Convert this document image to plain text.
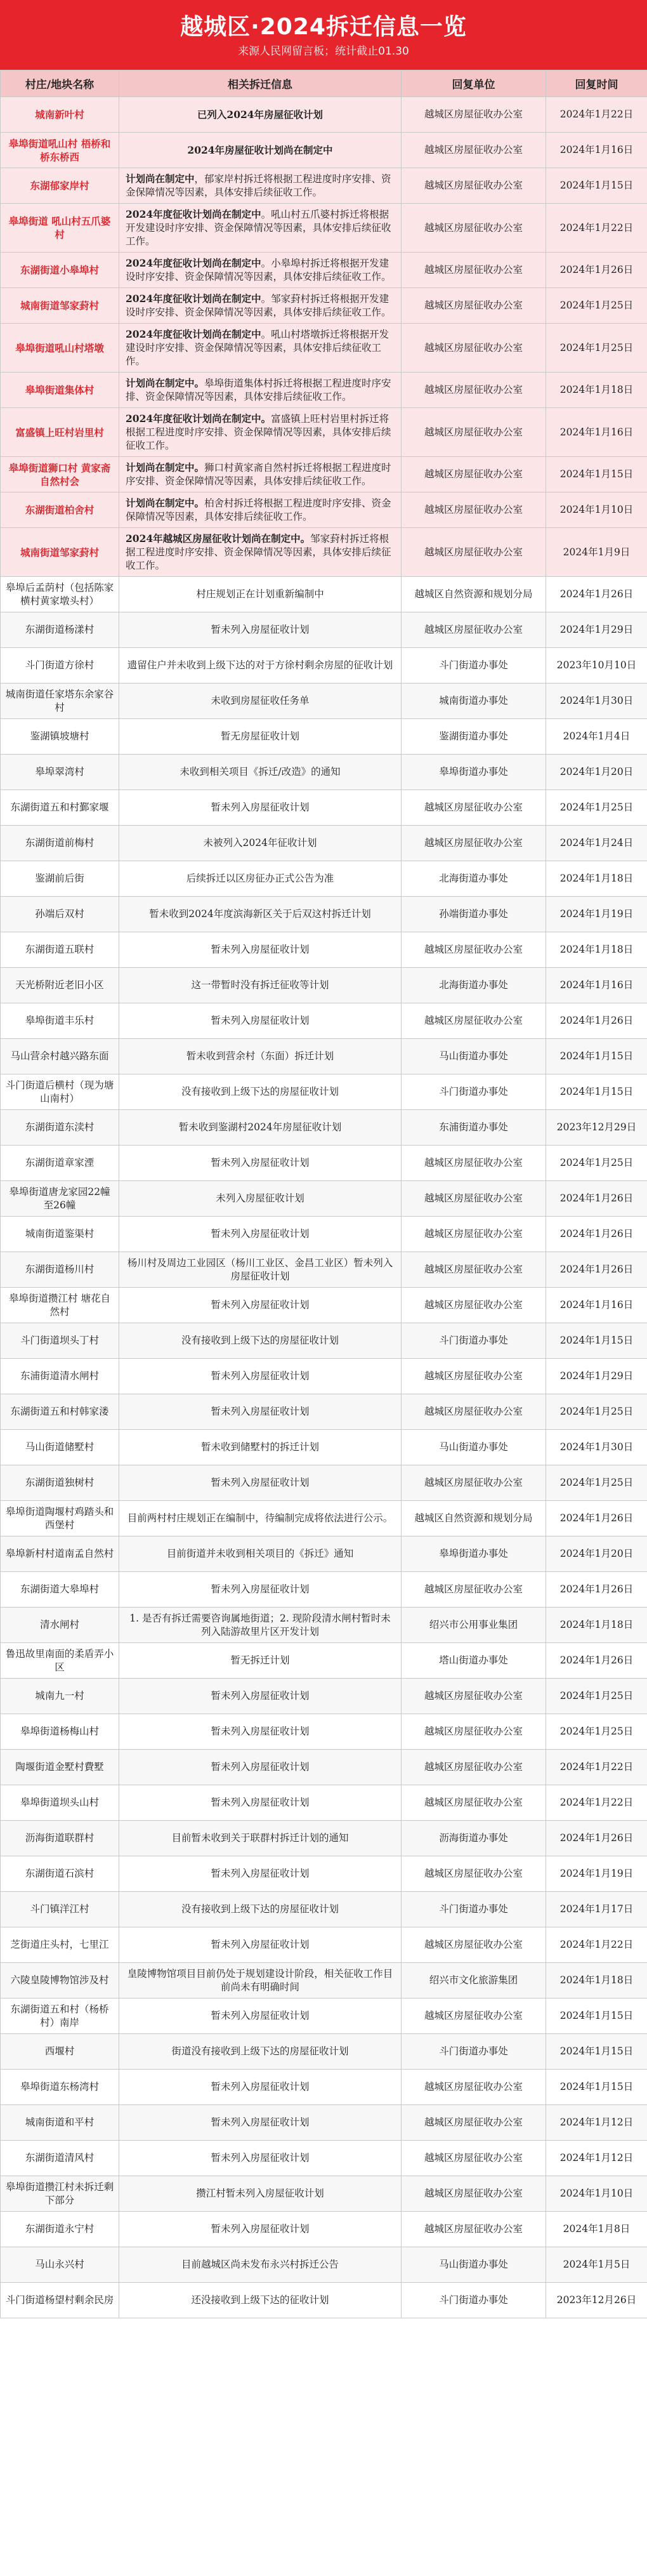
越城区·2024拆迁信息一览
来源人民网留言板；统计截止01.30
村庄/地块名称	相关拆迁信息	回复单位	回复时间
城南新叶村	已列入2024年房屋征收计划	越城区房屋征收办公室	2024年1月22日
皋埠街道吼山村 梧桥和桥东桥西	2024年房屋征收计划尚在制定中	越城区房屋征收办公室	2024年1月16日
东湖郁家岸村	计划尚在制定中，郁家岸村拆迁将根据工程进度时序安排、资金保障情况等因素，具体安排后续征收工作。	越城区房屋征收办公室	2024年1月15日
皋埠街道 吼山村五爪婆村	2024年度征收计划尚在制定中。吼山村五爪婆村拆迁将根据开发建设时序安排、资金保障情况等因素，具体安排后续征收工作。	越城区房屋征收办公室	2024年1月22日
东湖街道小皋埠村	2024年度征收计划尚在制定中。小皋埠村拆迁将根据开发建设时序安排、资金保障情况等因素，具体安排后续征收工作。	越城区房屋征收办公室	2024年1月26日
城南街道邹家葑村	2024年度征收计划尚在制定中。邹家葑村拆迁将根据开发建设时序安排、资金保障情况等因素，具体安排后续征收工作。	越城区房屋征收办公室	2024年1月25日
皋埠街道吼山村塔墩	2024年度征收计划尚在制定中。吼山村塔墩拆迁将根据开发建设时序安排、资金保障情况等因素，具体安排后续征收工作。	越城区房屋征收办公室	2024年1月25日
皋埠街道集体村	计划尚在制定中。皋埠街道集体村拆迁将根据工程进度时序安排、资金保障情况等因素，具体安排后续征收工作。	越城区房屋征收办公室	2024年1月18日
富盛镇上旺村岩里村	2024年度征收计划尚在制定中。富盛镇上旺村岩里村拆迁将根据工程进度时序安排、资金保障情况等因素，具体安排后续征收工作。	越城区房屋征收办公室	2024年1月16日
皋埠街道狮口村 黄家斋自然村会	计划尚在制定中。狮口村黄家斋自然村拆迁将根据工程进度时序安排、资金保障情况等因素，具体安排后续征收工作。	越城区房屋征收办公室	2024年1月15日
东湖街道柏舍村	计划尚在制定中。柏舍村拆迁将根据工程进度时序安排、资金保障情况等因素，具体安排后续征收工作。	越城区房屋征收办公室	2024年1月10日
城南街道邹家葑村	2024年越城区房屋征收计划尚在制定中。邹家葑村拆迁将根据工程进度时序安排、资金保障情况等因素，具体安排后续征收工作。	越城区房屋征收办公室	2024年1月9日
皋埠后孟荫村（包括陈家横村黄家墩头村）	村庄规划正在计划重新编制中	越城区自然资源和规划分局	2024年1月26日
东湖街道杨漾村	暂未列入房屋征收计划	越城区房屋征收办公室	2024年1月29日
斗门街道方徐村	遗留住户并未收到上级下达的对于方徐村剩余房屋的征收计划	斗门街道办事处	2023年10月10日
城南街道任家塔东余家谷村	未收到房屋征收任务单	城南街道办事处	2024年1月30日
鉴湖镇坡塘村	暂无房屋征收计划	鉴湖街道办事处	2024年1月4日
皋埠翠湾村	未收到相关项目《拆迁/改造》的通知	皋埠街道办事处	2024年1月20日
东湖街道五和村鄞家堰	暂未列入房屋征收计划	越城区房屋征收办公室	2024年1月25日
东湖街道前梅村	未被列入2024年征收计划	越城区房屋征收办公室	2024年1月24日
鉴湖前后街	后续拆迁以区房征办正式公告为准	北海街道办事处	2024年1月18日
孙端后双村	暂未收到2024年度滨海新区关于后双这村拆迁计划	孙端街道办事处	2024年1月19日
东湖街道五联村	暂未列入房屋征收计划	越城区房屋征收办公室	2024年1月18日
天光桥附近老旧小区	这一带暂时没有拆迁征收等计划	北海街道办事处	2024年1月16日
皋埠街道丰乐村	暂未列入房屋征收计划	越城区房屋征收办公室	2024年1月26日
马山营余村越兴路东面	暂未收到营余村（东面）拆迁计划	马山街道办事处	2024年1月15日
斗门街道后横村（现为塘山南村）	没有接收到上级下达的房屋征收计划	斗门街道办事处	2024年1月15日
东湖街道东渎村	暂未收到鉴湖村2024年房屋征收计划	东浦街道办事处	2023年12月29日
东湖街道章家湮	暂未列入房屋征收计划	越城区房屋征收办公室	2024年1月25日
皋埠街道唐龙家园22幢至26幢	未列入房屋征收计划	越城区房屋征收办公室	2024年1月26日
城南街道鉴渠村	暂未列入房屋征收计划	越城区房屋征收办公室	2024年1月26日
东湖街道杨川村	杨川村及周边工业园区（杨川工业区、金昌工业区）暂未列入房屋征收计划	越城区房屋征收办公室	2024年1月26日
皋埠街道攒江村 塘花自然村	暂未列入房屋征收计划	越城区房屋征收办公室	2024年1月16日
斗门街道坝头丁村	没有接收到上级下达的房屋征收计划	斗门街道办事处	2024年1月15日
东浦街道清水闸村	暂未列入房屋征收计划	越城区房屋征收办公室	2024年1月29日
东湖街道五和村韩家溇	暂未列入房屋征收计划	越城区房屋征收办公室	2024年1月25日
马山街道储墅村	暂未收到储墅村的拆迁计划	马山街道办事处	2024年1月30日
东湖街道独树村	暂未列入房屋征收计划	越城区房屋征收办公室	2024年1月25日
皋埠街道陶堰村鸡踏头和西堡村	目前两村村庄规划正在编制中，待编制完成将依法进行公示。	越城区自然资源和规划分局	2024年1月26日
皋埠新村村道南孟自然村	目前街道并未收到相关项目的《拆迁》通知	皋埠街道办事处	2024年1月20日
东湖街道大皋埠村	暂未列入房屋征收计划	越城区房屋征收办公室	2024年1月26日
清水闸村	1. 是否有拆迁需要咨询属地街道；2. 现阶段清水闸村暂时未列入陆游故里片区开发计划	绍兴市公用事业集团	2024年1月18日
鲁迅故里南面的柔盾弄小区	暂无拆迁计划	塔山街道办事处	2024年1月26日
城南九一村	暂未列入房屋征收计划	越城区房屋征收办公室	2024年1月25日
皋埠街道杨梅山村	暂未列入房屋征收计划	越城区房屋征收办公室	2024年1月25日
陶堰街道金墅村費墅	暂未列入房屋征收计划	越城区房屋征收办公室	2024年1月22日
皋埠街道坝头山村	暂未列入房屋征收计划	越城区房屋征收办公室	2024年1月22日
沥海街道联群村	目前暂未收到关于联群村拆迁计划的通知	沥海街道办事处	2024年1月26日
东湖街道石滨村	暂未列入房屋征收计划	越城区房屋征收办公室	2024年1月19日
斗门镇洋江村	没有接收到上级下达的房屋征收计划	斗门街道办事处	2024年1月17日
芝街道庄头村，七里江	暂未列入房屋征收计划	越城区房屋征收办公室	2024年1月22日
六陵皇陵博物馆涉及村	皇陵博物馆项目目前仍处于规划建设计阶段，相关征收工作目前尚未有明确时间	绍兴市文化旅游集团	2024年1月18日
东湖街道五和村（杨桥村）南岸	暂未列入房屋征收计划	越城区房屋征收办公室	2024年1月15日
西堰村	街道没有接收到上级下达的房屋征收计划	斗门街道办事处	2024年1月15日
皋埠街道东杨湾村	暂未列入房屋征收计划	越城区房屋征收办公室	2024年1月15日
城南街道和平村	暂未列入房屋征收计划	越城区房屋征收办公室	2024年1月12日
东湖街道清风村	暂未列入房屋征收计划	越城区房屋征收办公室	2024年1月12日
皋埠街道攒江村未拆迁剩下部分	攒江村暂未列入房屋征收计划	越城区房屋征收办公室	2024年1月10日
东湖街道永宁村	暂未列入房屋征收计划	越城区房屋征收办公室	2024年1月8日
马山永兴村	目前越城区尚未发布永兴村拆迁公告	马山街道办事处	2024年1月5日
斗门街道杨望村剩余民房	还没接收到上级下达的征收计划	斗门街道办事处	2023年12月26日
